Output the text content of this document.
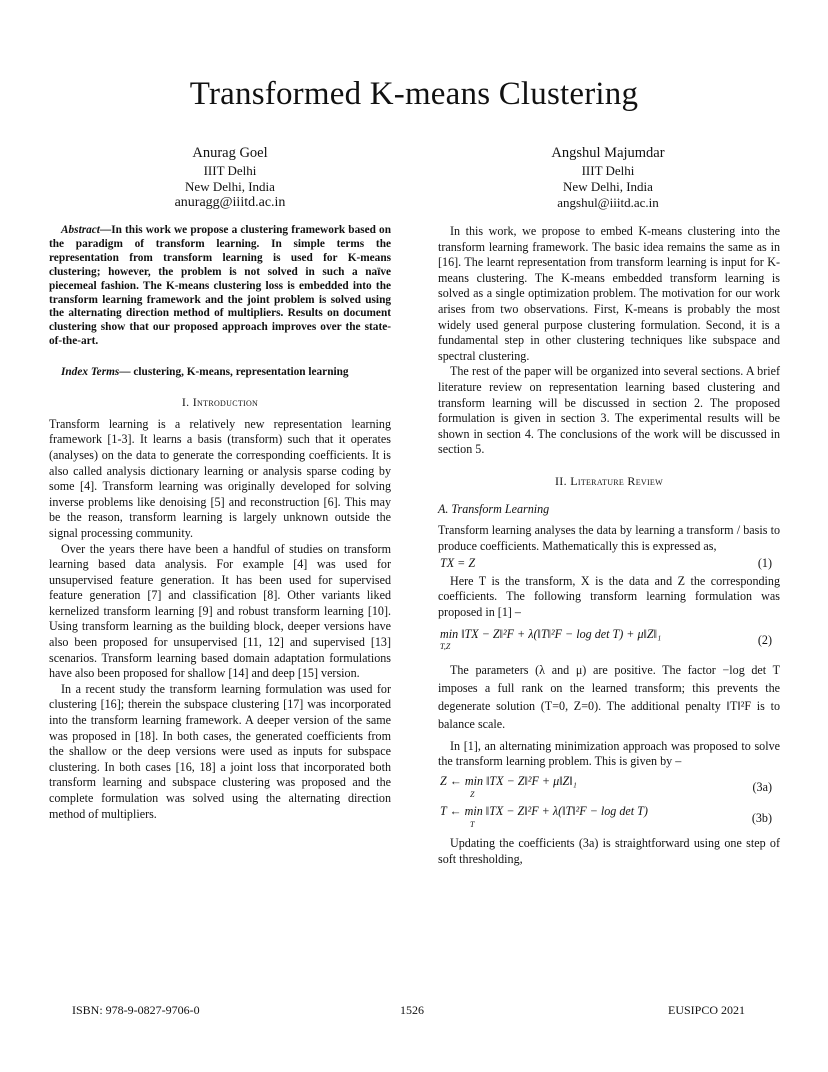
Transformed K-means Clustering
Anurag Goel
IIIT Delhi
New Delhi, India
anuragg@iiitd.ac.in
Angshul Majumdar
IIIT Delhi
New Delhi, India
angshul@iiitd.ac.in

Abstract—In this work we propose a clustering framework based on the paradigm of transform learning. In simple terms the representation from transform learning is used for K-means clustering; however, the problem is not solved in such a naïve piecemeal fashion. The K-means clustering loss is embedded into the transform learning framework and the joint problem is solved using the alternating direction method of multipliers. Results on document clustering show that our proposed approach improves over the state-of-the-art.

Index Terms— clustering, K-means, representation learning

I. Introduction

Transform learning is a relatively new representation learning framework [1-3]. It learns a basis (transform) such that it operates (analyses) on the data to generate the corresponding coefficients. It is also called analysis dictionary learning or analysis sparse coding by some [4]. Transform learning was originally developed for solving inverse problems like denoising [5] and reconstruction [6]. This may be the reason, transform learning is largely unknown outside the signal processing community.

Over the years there have been a handful of studies on transform learning based data analysis. For example [4] was used for unsupervised feature generation. It has been used for supervised feature generation [7] and classification [8]. Other variants liked kernelized transform learning [9] and robust transform learning [10]. Using transform learning as the building block, deeper versions have also been proposed for unsupervised [11, 12] and supervised [13] scenarios. Transform learning based domain adaptation formulations have also been proposed for shallow [14] and deep [15] version.

In a recent study the transform learning formulation was used for clustering [16]; therein the subspace clustering [17] was incorporated into the transform learning framework. A deeper version of the same was proposed in [18]. In both cases, the generated coefficients from the shallow or the deep versions were used as inputs for subspace clustering. In both cases [16, 18] a joint loss that incorporated both transform learning and subspace clustering was proposed and the complete formulation was solved using the alternating direction method of multipliers.

In this work, we propose to embed K-means clustering into the transform learning framework. The basic idea remains the same as in [16]. The learnt representation from transform learning is input for K-means clustering. The K-means embedded transform learning is solved as a single optimization problem. The motivation for our work arises from two observations. First, K-means is probably the most widely used general purpose clustering formulation. Second, it is a fundamental step in other clustering techniques like subspace and spectral clustering.

The rest of the paper will be organized into several sections. A brief literature review on representation learning based clustering and transform learning will be discussed in section 2. The proposed formulation is given in section 3. The experimental results will be shown in section 4. The conclusions of the work will be discussed in section 5.

II. Literature Review
A. Transform Learning

Transform learning analyses the data by learning a transform / basis to produce coefficients. Mathematically this is expressed as,

TX = Z	(1)

Here T is the transform, X is the data and Z the corresponding coefficients. The following transform learning formulation was proposed in [1] –

min ‖TX − Z‖²F + λ(‖T‖²F − log det T) + μ‖Z‖₁
T,Z	(2)

The parameters (λ and μ) are positive. The factor −log det T imposes a full rank on the learned transform; this prevents the degenerate solution (T=0, Z=0). The additional penalty ‖T‖²F is to balance scale.

In [1], an alternating minimization approach was proposed to solve the transform learning problem. This is given by –

Z ← min ‖TX − Z‖²F + μ‖Z‖₁
Z	(3a)
T ← min ‖TX − Z‖²F + λ(‖T‖²F − log det T)
T	(3b)

Updating the coefficients (3a) is straightforward using one step of soft thresholding,

ISBN: 978-9-0827-9706-0	1526	EUSIPCO 2021
